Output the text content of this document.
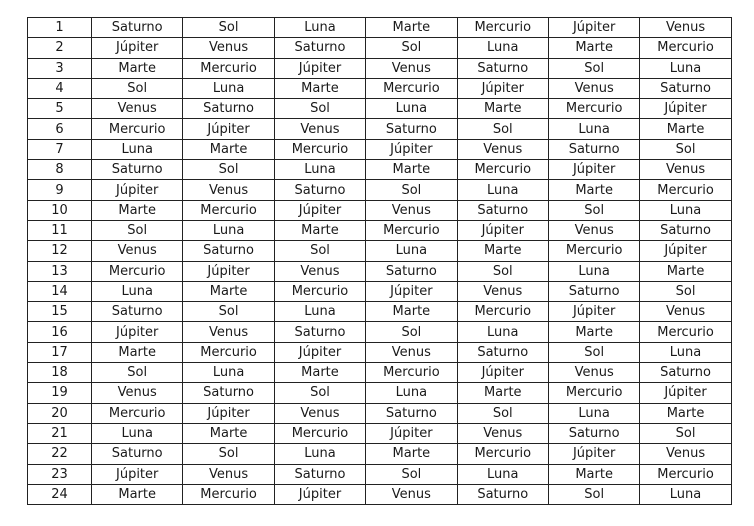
1	Saturno	Sol	Luna	Marte	Mercurio	Júpiter	Venus
2	Júpiter	Venus	Saturno	Sol	Luna	Marte	Mercurio
3	Marte	Mercurio	Júpiter	Venus	Saturno	Sol	Luna
4	Sol	Luna	Marte	Mercurio	Júpiter	Venus	Saturno
5	Venus	Saturno	Sol	Luna	Marte	Mercurio	Júpiter
6	Mercurio	Júpiter	Venus	Saturno	Sol	Luna	Marte
7	Luna	Marte	Mercurio	Júpiter	Venus	Saturno	Sol
8	Saturno	Sol	Luna	Marte	Mercurio	Júpiter	Venus
9	Júpiter	Venus	Saturno	Sol	Luna	Marte	Mercurio
10	Marte	Mercurio	Júpiter	Venus	Saturno	Sol	Luna
11	Sol	Luna	Marte	Mercurio	Júpiter	Venus	Saturno
12	Venus	Saturno	Sol	Luna	Marte	Mercurio	Júpiter
13	Mercurio	Júpiter	Venus	Saturno	Sol	Luna	Marte
14	Luna	Marte	Mercurio	Júpiter	Venus	Saturno	Sol
15	Saturno	Sol	Luna	Marte	Mercurio	Júpiter	Venus
16	Júpiter	Venus	Saturno	Sol	Luna	Marte	Mercurio
17	Marte	Mercurio	Júpiter	Venus	Saturno	Sol	Luna
18	Sol	Luna	Marte	Mercurio	Júpiter	Venus	Saturno
19	Venus	Saturno	Sol	Luna	Marte	Mercurio	Júpiter
20	Mercurio	Júpiter	Venus	Saturno	Sol	Luna	Marte
21	Luna	Marte	Mercurio	Júpiter	Venus	Saturno	Sol
22	Saturno	Sol	Luna	Marte	Mercurio	Júpiter	Venus
23	Júpiter	Venus	Saturno	Sol	Luna	Marte	Mercurio
24	Marte	Mercurio	Júpiter	Venus	Saturno	Sol	Luna
